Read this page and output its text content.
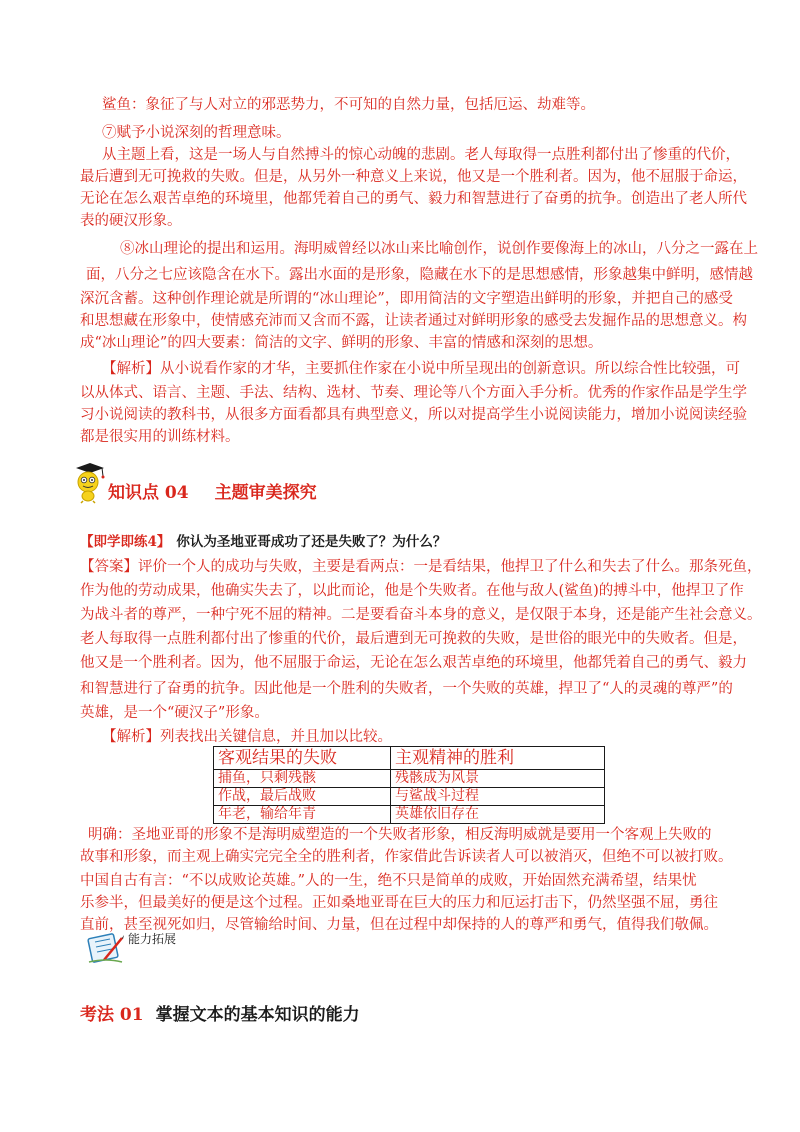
鲨鱼：象征了与人对立的邪恶势力，不可知的自然力量，包括厄运、劫难等。
⑦赋予小说深刻的哲理意味。
从主题上看，这是一场人与自然搏斗的惊心动魄的悲剧。老人每取得一点胜利都付出了惨重的代价，
最后遭到无可挽救的失败。但是，从另外一种意义上来说，他又是一个胜利者。因为，他不屈服于命运，
无论在怎么艰苦卓绝的环境里，他都凭着自己的勇气、毅力和智慧进行了奋勇的抗争。创造出了老人所代
表的硬汉形象。
⑧冰山理论的提出和运用。海明威曾经以冰山来比喻创作，说创作要像海上的冰山，八分之一露在上
面，八分之七应该隐含在水下。露出水面的是形象，隐藏在水下的是思想感情，形象越集中鲜明，感情越
深沉含蓄。这种创作理论就是所谓的“冰山理论”，即用简洁的文字塑造出鲜明的形象，并把自己的感受
和思想藏在形象中，使情感充沛而又含而不露，让读者通过对鲜明形象的感受去发掘作品的思想意义。构
成“冰山理论”的四大要素：简洁的文字、鲜明的形象、丰富的情感和深刻的思想。
【解析】从小说看作家的才华，主要抓住作家在小说中所呈现出的创新意识。所以综合性比较强，可
以从体式、语言、主题、手法、结构、选材、节奏、理论等八个方面入手分析。优秀的作家作品是学生学
习小说阅读的教科书，从很多方面看都具有典型意义，所以对提高学生小说阅读能力，增加小说阅读经验
都是很实用的训练材料。
知识点 04 主题审美探究
【即学即练4】 你认为圣地亚哥成功了还是失败了？为什么？
【答案】评价一个人的成功与失败，主要是看两点：一是看结果，他捍卫了什么和失去了什么。那条死鱼，
作为他的劳动成果，他确实失去了，以此而论，他是个失败者。在他与敌人(鲨鱼)的搏斗中，他捍卫了作
为战斗者的尊严，一种宁死不屈的精神。二是要看奋斗本身的意义，是仅限于本身，还是能产生社会意义。
老人每取得一点胜利都付出了惨重的代价，最后遭到无可挽救的失败，是世俗的眼光中的失败者。但是，
他又是一个胜利者。因为，他不屈服于命运，无论在怎么艰苦卓绝的环境里，他都凭着自己的勇气、毅力
和智慧进行了奋勇的抗争。因此他是一个胜利的失败者，一个失败的英雄，捍卫了“人的灵魂的尊严”的
英雄，是一个“硬汉子”形象。
【解析】列表找出关键信息，并且加以比较。
客观结果的失败	主观精神的胜利
捕鱼，只剩残骸	残骸成为风景
作战，最后战败	与鲨战斗过程
年老，输给年青	英雄依旧存在
明确：圣地亚哥的形象不是海明威塑造的一个失败者形象，相反海明威就是要用一个客观上失败的
故事和形象，而主观上确实完完全全的胜利者，作家借此告诉读者人可以被消灭，但绝不可以被打败。
中国自古有言：“不以成败论英雄。”人的一生，绝不只是简单的成败，开始固然充满希望，结果忧
乐参半，但最美好的便是这个过程。正如桑地亚哥在巨大的压力和厄运打击下，仍然坚强不屈，勇往
直前，甚至视死如归，尽管输给时间、力量，但在过程中却保持的人的尊严和勇气，值得我们敬佩。
能力拓展
考法 01 掌握文本的基本知识的能力
